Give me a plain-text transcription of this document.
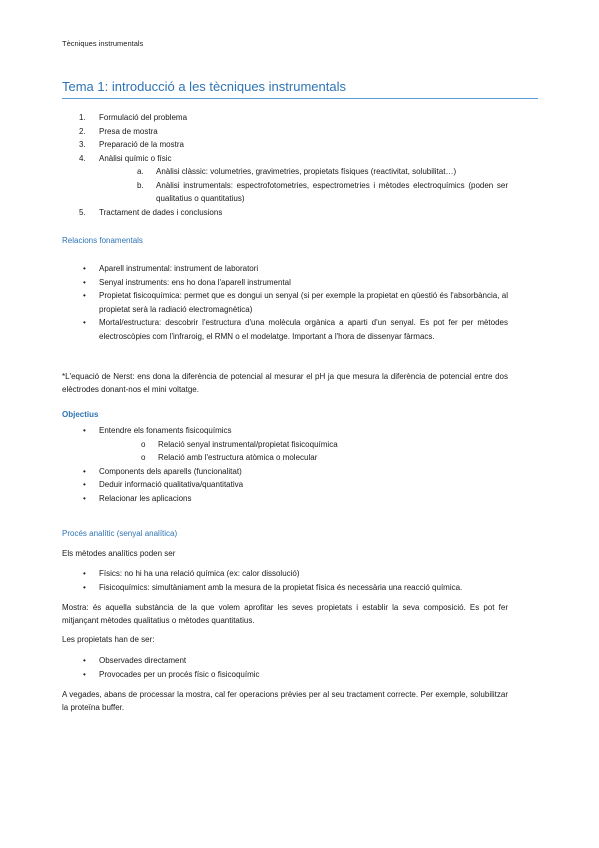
Tècniques instrumentals
Tema 1: introducció a les tècniques instrumentals
1. Formulació del problema
2. Presa de mostra
3. Preparació de la mostra
4. Anàlisi químic o físic
a. Anàlisi clàssic: volumetries, gravimetries, propietats físiques (reactivitat, solubilitat…)
b. Anàlisi instrumentals: espectrofotometries, espectrometries i mètodes electroquímics (poden ser qualitatius o quantitatius)
5. Tractament de dades i conclusions
Relacions fonamentals
• Aparell instrumental: instrument de laboratori
• Senyal instruments: ens ho dona l'aparell instrumental
• Propietat fisicoquímica: permet que es dongui un senyal (si per exemple la propietat en qüestió és l'absorbància, al propietat serà la radiació electromagnètica)
• Mortal/estructura: descobrir l'estructura d'una molècula orgànica a aparti d'un senyal. Es pot fer per mètodes electroscòpies com l'infraroig, el RMN o el modelatge. Important a l'hora de dissenyar fàrmacs.
*L'equació de Nerst: ens dona la diferència de potencial al mesurar el pH ja que mesura la diferència de potencial entre dos elèctrodes donant-nos el mini voltatge.
Objectius
• Entendre els fonaments fisicoquímics
o Relació senyal instrumental/propietat fisicoquímica
o Relació amb l'estructura atòmica o molecular
• Components dels aparells (funcionalitat)
• Deduir informació qualitativa/quantitativa
• Relacionar les aplicacions
Procés analític (senyal analítica)
Els mètodes analítics poden ser
• Físics: no hi ha una relació química (ex: calor dissolució)
• Fisicoquímics: simultàniament amb la mesura de la propietat física és necessària una reacció química.
Mostra: és aquella substància de la que volem aprofitar les seves propietats i establir la seva composició. Es pot fer mitjançant mètodes qualitatius o mètodes quantitatius.
Les propietats han de ser:
• Observades directament
• Provocades per un procés físic o fisicoquímic
A vegades, abans de processar la mostra, cal fer operacions prèvies per al seu tractament correcte. Per exemple, solubilitzar la proteïna buffer.
